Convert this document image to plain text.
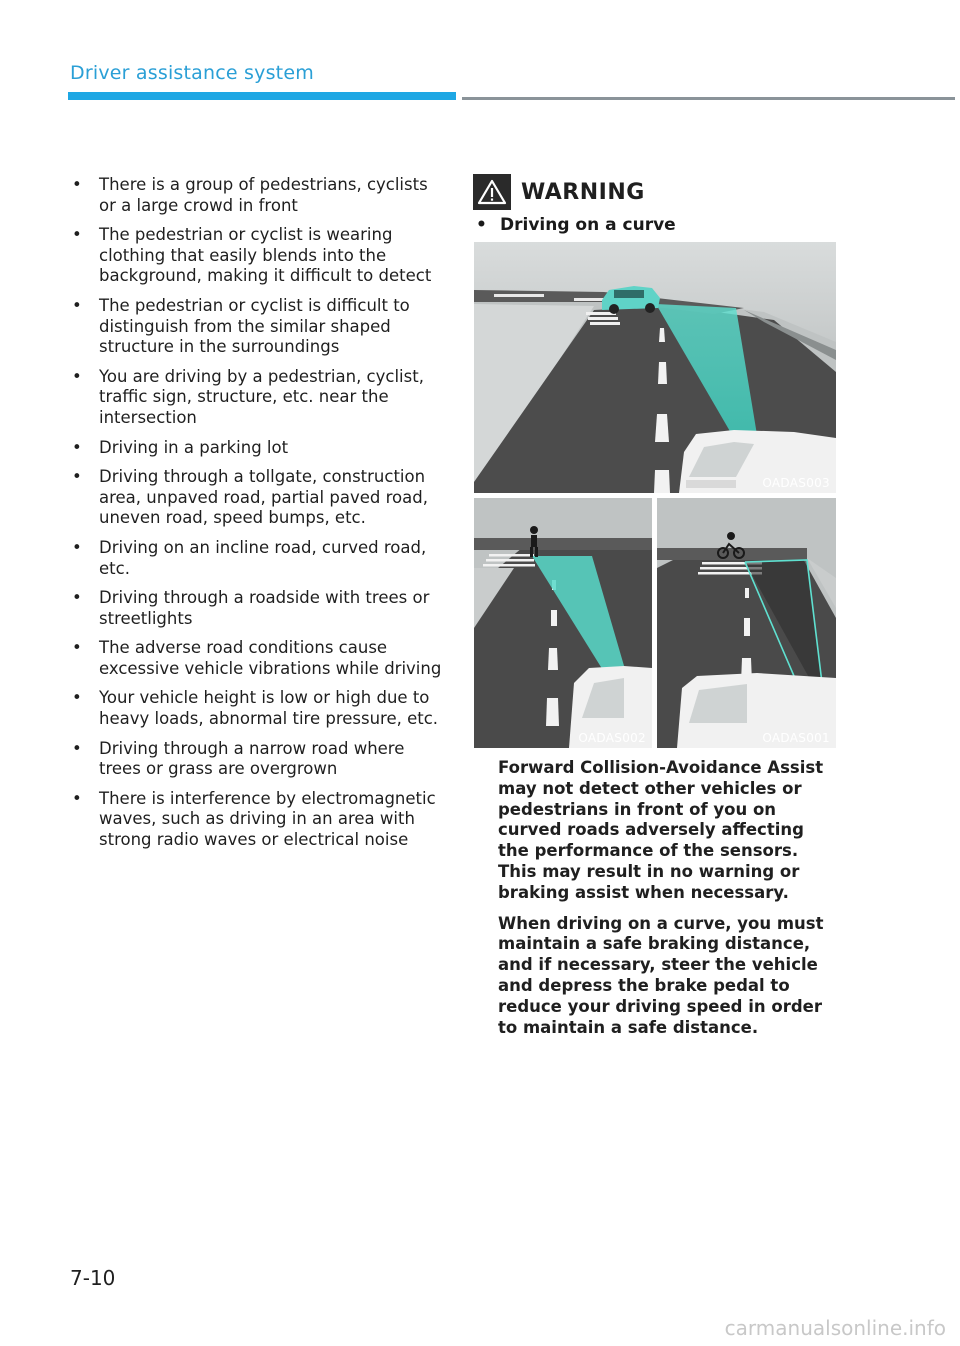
Driver assistance system
• There is a group of pedestrians, cyclists or a large crowd in front
• The pedestrian or cyclist is wearing clothing that easily blends into the background, making it difficult to detect
• The pedestrian or cyclist is difficult to distinguish from the similar shaped structure in the surroundings
• You are driving by a pedestrian, cyclist, traffic sign, structure, etc. near the intersection
• Driving in a parking lot
• Driving through a tollgate, construction area, unpaved road, partial paved road, uneven road, speed bumps, etc.
• Driving on an incline road, curved road, etc.
• Driving through a roadside with trees or streetlights
• The adverse road conditions cause excessive vehicle vibrations while driving
• Your vehicle height is low or high due to heavy loads, abnormal tire pressure, etc.
• Driving through a narrow road where trees or grass are overgrown
• There is interference by electromagnetic waves, such as driving in an area with strong radio waves or electrical noise
WARNING
• Driving on a curve
OADAS003
OADAS002	OADAS001

Forward Collision-Avoidance Assist may not detect other vehicles or pedestrians in front of you on curved roads adversely affecting the performance of the sensors. This may result in no warning or braking assist when necessary.

When driving on a curve, you must maintain a safe braking distance, and if necessary, steer the vehicle and depress the brake pedal to reduce your driving speed in order to maintain a safe distance.

7-10
carmanualsonline.info
